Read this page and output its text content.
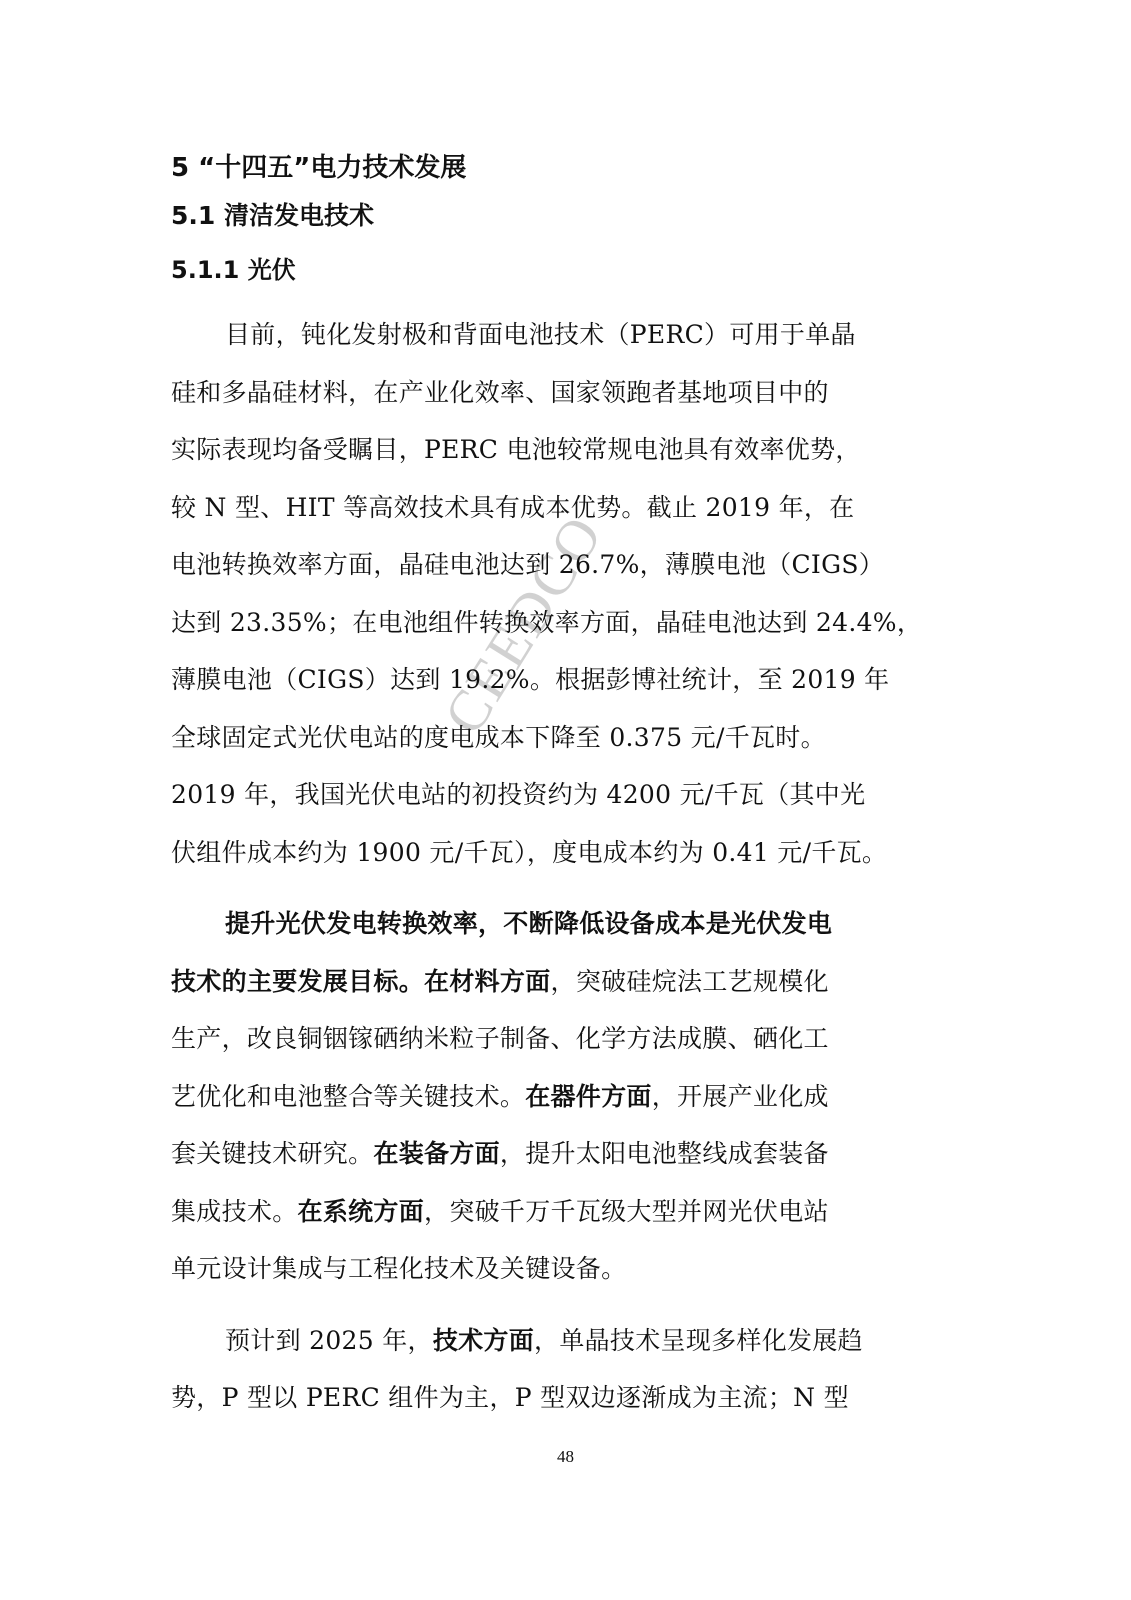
CEEDCO
5 “十四五”电力技术发展
5.1 清洁发电技术
5.1.1 光伏
目前，钝化发射极和背面电池技术（PERC）可用于单晶
硅和多晶硅材料，在产业化效率、国家领跑者基地项目中的
实际表现均备受瞩目，PERC 电池较常规电池具有效率优势，
较 N 型、HIT 等高效技术具有成本优势。截止 2019 年，在
电池转换效率方面，晶硅电池达到 26.7%，薄膜电池（CIGS）
达到 23.35%；在电池组件转换效率方面，晶硅电池达到 24.4%，
薄膜电池（CIGS）达到 19.2%。根据彭博社统计，至 2019 年
全球固定式光伏电站的度电成本下降至 0.375 元/千瓦时。
2019 年，我国光伏电站的初投资约为 4200 元/千瓦（其中光
伏组件成本约为 1900 元/千瓦），度电成本约为 0.41 元/千瓦。
提升光伏发电转换效率，不断降低设备成本是光伏发电
技术的主要发展目标。在材料方面，突破硅烷法工艺规模化
生产，改良铜铟镓硒纳米粒子制备、化学方法成膜、硒化工
艺优化和电池整合等关键技术。在器件方面，开展产业化成
套关键技术研究。在装备方面，提升太阳电池整线成套装备
集成技术。在系统方面，突破千万千瓦级大型并网光伏电站
单元设计集成与工程化技术及关键设备。
预计到 2025 年，技术方面，单晶技术呈现多样化发展趋
势，P 型以 PERC 组件为主，P 型双边逐渐成为主流；N 型
48
